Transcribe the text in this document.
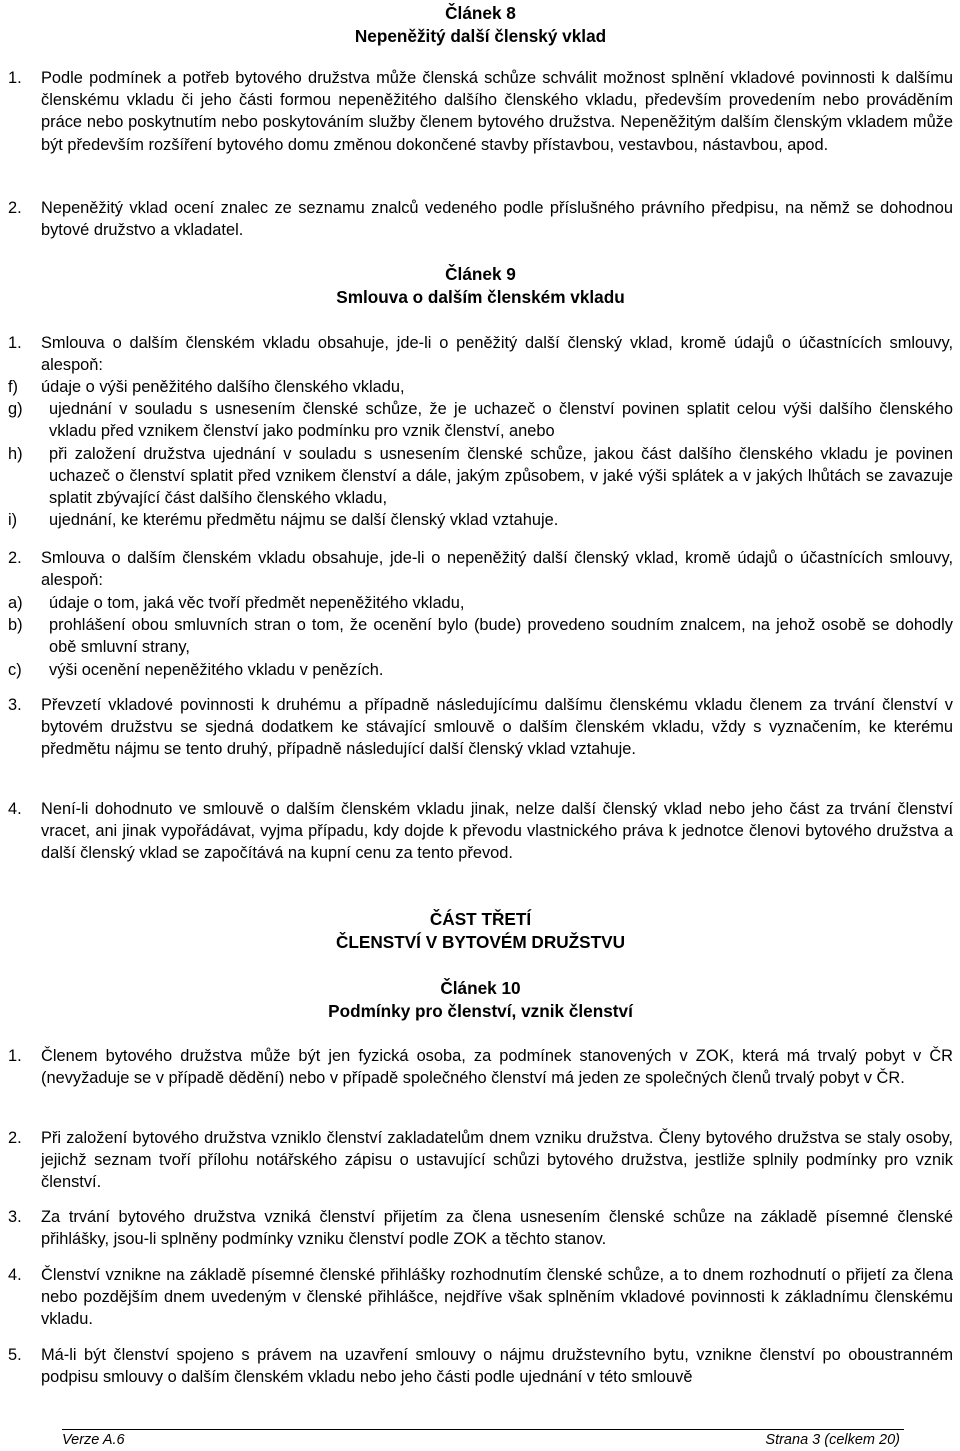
Článek 8
Nepeněžitý další členský vklad
1.	Podle podmínek a potřeb bytového družstva může členská schůze schválit možnost splnění vkladové povinnosti k dalšímu členskému vkladu či jeho části formou nepeněžitého dalšího členského vkladu, především provedením nebo prováděním práce nebo poskytnutím nebo poskytováním služby členem bytového družstva. Nepeněžitým dalším členským vkladem může být především rozšíření bytového domu změnou dokončené stavby přístavbou, vestavbou, nástavbou, apod.
2.	Nepeněžitý vklad ocení znalec ze seznamu znalců vedeného podle příslušného právního předpisu, na němž se dohodnou bytové družstvo a vkladatel.
Článek 9
Smlouva o dalším členském vkladu
1.	Smlouva o dalším členském vkladu obsahuje, jde-li o peněžitý další členský vklad, kromě údajů o účastnících smlouvy, alespoň:
f)	údaje o výši peněžitého dalšího členského vkladu,
g)	ujednání v souladu s usnesením členské schůze, že je uchazeč o členství povinen splatit celou výši dalšího členského vkladu před vznikem členství jako podmínku pro vznik členství, anebo
h)	při založení družstva ujednání v souladu s usnesením členské schůze, jakou část dalšího členského vkladu je povinen uchazeč o členství splatit před vznikem členství a dále, jakým způsobem, v jaké výši splátek a v jakých lhůtách se zavazuje splatit zbývající část dalšího členského vkladu,
i)	ujednání, ke kterému předmětu nájmu se další členský vklad vztahuje.
2.	Smlouva o dalším členském vkladu obsahuje, jde-li o nepeněžitý další členský vklad, kromě údajů o účastnících smlouvy, alespoň:
a)	údaje o tom, jaká věc tvoří předmět nepeněžitého vkladu,
b)	prohlášení obou smluvních stran o tom, že ocenění bylo (bude) provedeno soudním znalcem, na jehož osobě se dohodly obě smluvní strany,
c)	výši ocenění nepeněžitého vkladu v penězích.
3.	Převzetí vkladové povinnosti k druhému a případně následujícímu dalšímu členskému vkladu členem za trvání členství v bytovém družstvu se sjedná dodatkem ke stávající smlouvě o dalším členském vkladu, vždy s vyznačením, ke kterému předmětu nájmu se tento druhý, případně následující další členský vklad vztahuje.
4.	Není-li dohodnuto ve smlouvě o dalším členském vkladu jinak, nelze další členský vklad nebo jeho část za trvání členství vracet, ani jinak vypořádávat, vyjma případu, kdy dojde k převodu vlastnického práva k jednotce členovi bytového družstva a další členský vklad se započítává na kupní cenu za tento převod.
ČÁST TŘETÍ
ČLENSTVÍ V BYTOVÉM DRUŽSTVU
Článek 10
Podmínky pro členství, vznik členství
1.	Členem bytového družstva může být jen fyzická osoba, za podmínek stanovených v ZOK, která má trvalý pobyt v ČR (nevyžaduje se v případě dědění) nebo v případě společného členství má jeden ze společných členů trvalý pobyt v ČR.
2.	Při založení bytového družstva vzniklo členství zakladatelům dnem vzniku družstva. Členy bytového družstva se staly osoby, jejichž seznam tvoří přílohu notářského zápisu o ustavující schůzi bytového družstva, jestliže splnily podmínky pro vznik členství.
3.	Za trvání bytového družstva vzniká členství přijetím za člena usnesením členské schůze na základě písemné členské přihlášky, jsou-li splněny podmínky vzniku členství podle ZOK a těchto stanov.
4.	Členství vznikne na základě písemné členské přihlášky rozhodnutím členské schůze, a to dnem rozhodnutí o přijetí za člena nebo pozdějším dnem uvedeným v členské přihlášce, nejdříve však splněním vkladové povinnosti k základnímu členskému vkladu.
5.	Má-li být členství spojeno s právem na uzavření smlouvy o nájmu družstevního bytu, vznikne členství po oboustranném podpisu smlouvy o dalším členském vkladu nebo jeho části podle ujednání v této smlouvě
Verze A.6	Strana 3 (celkem 20)
